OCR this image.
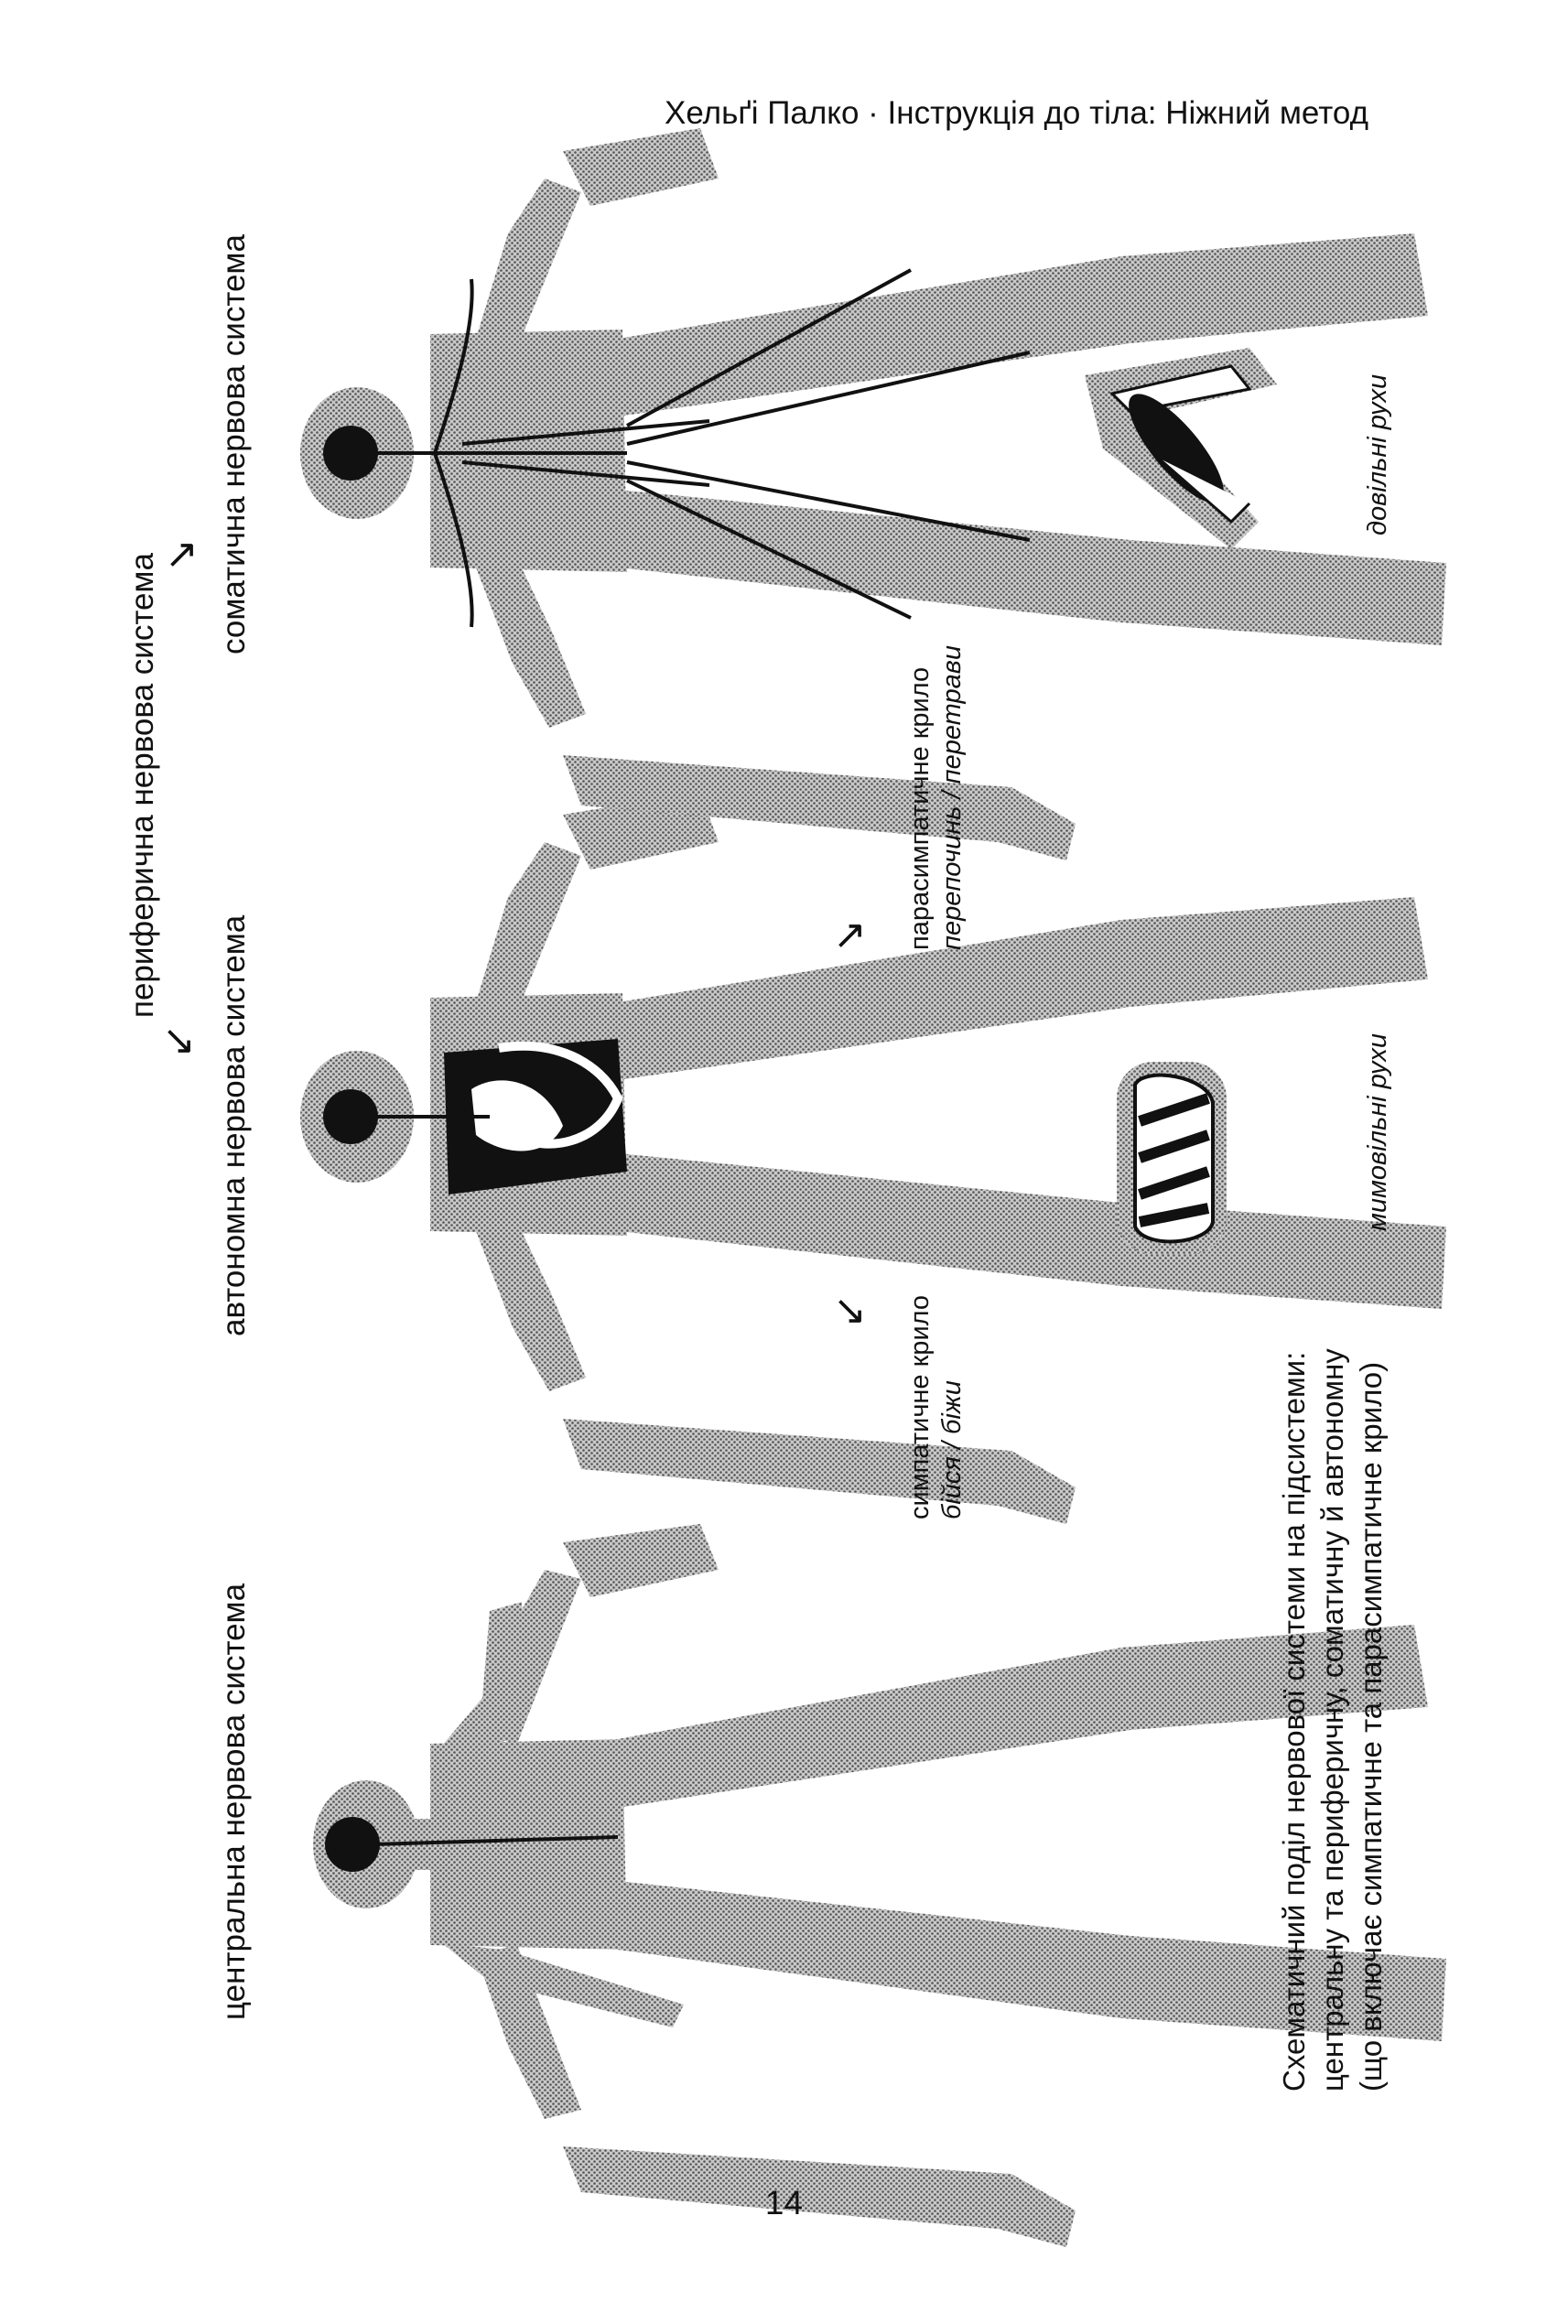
Хельґі Палко · Інструкція до тіла: Ніжний метод
центральна нервова система
автономна нервова система
периферична нервова система
соматична нервова система
↘
↗
симпатичне крило бійся / біжи
↘
парасимпатичне крило перепочинь / перетрави
↗
мимовільні рухи
довільні рухи
Схематичний поділ нервової системи на підсистеми: центральну та периферичну, соматичну й автономну (що включає симпатичне та парасимпатичне крило)
14
